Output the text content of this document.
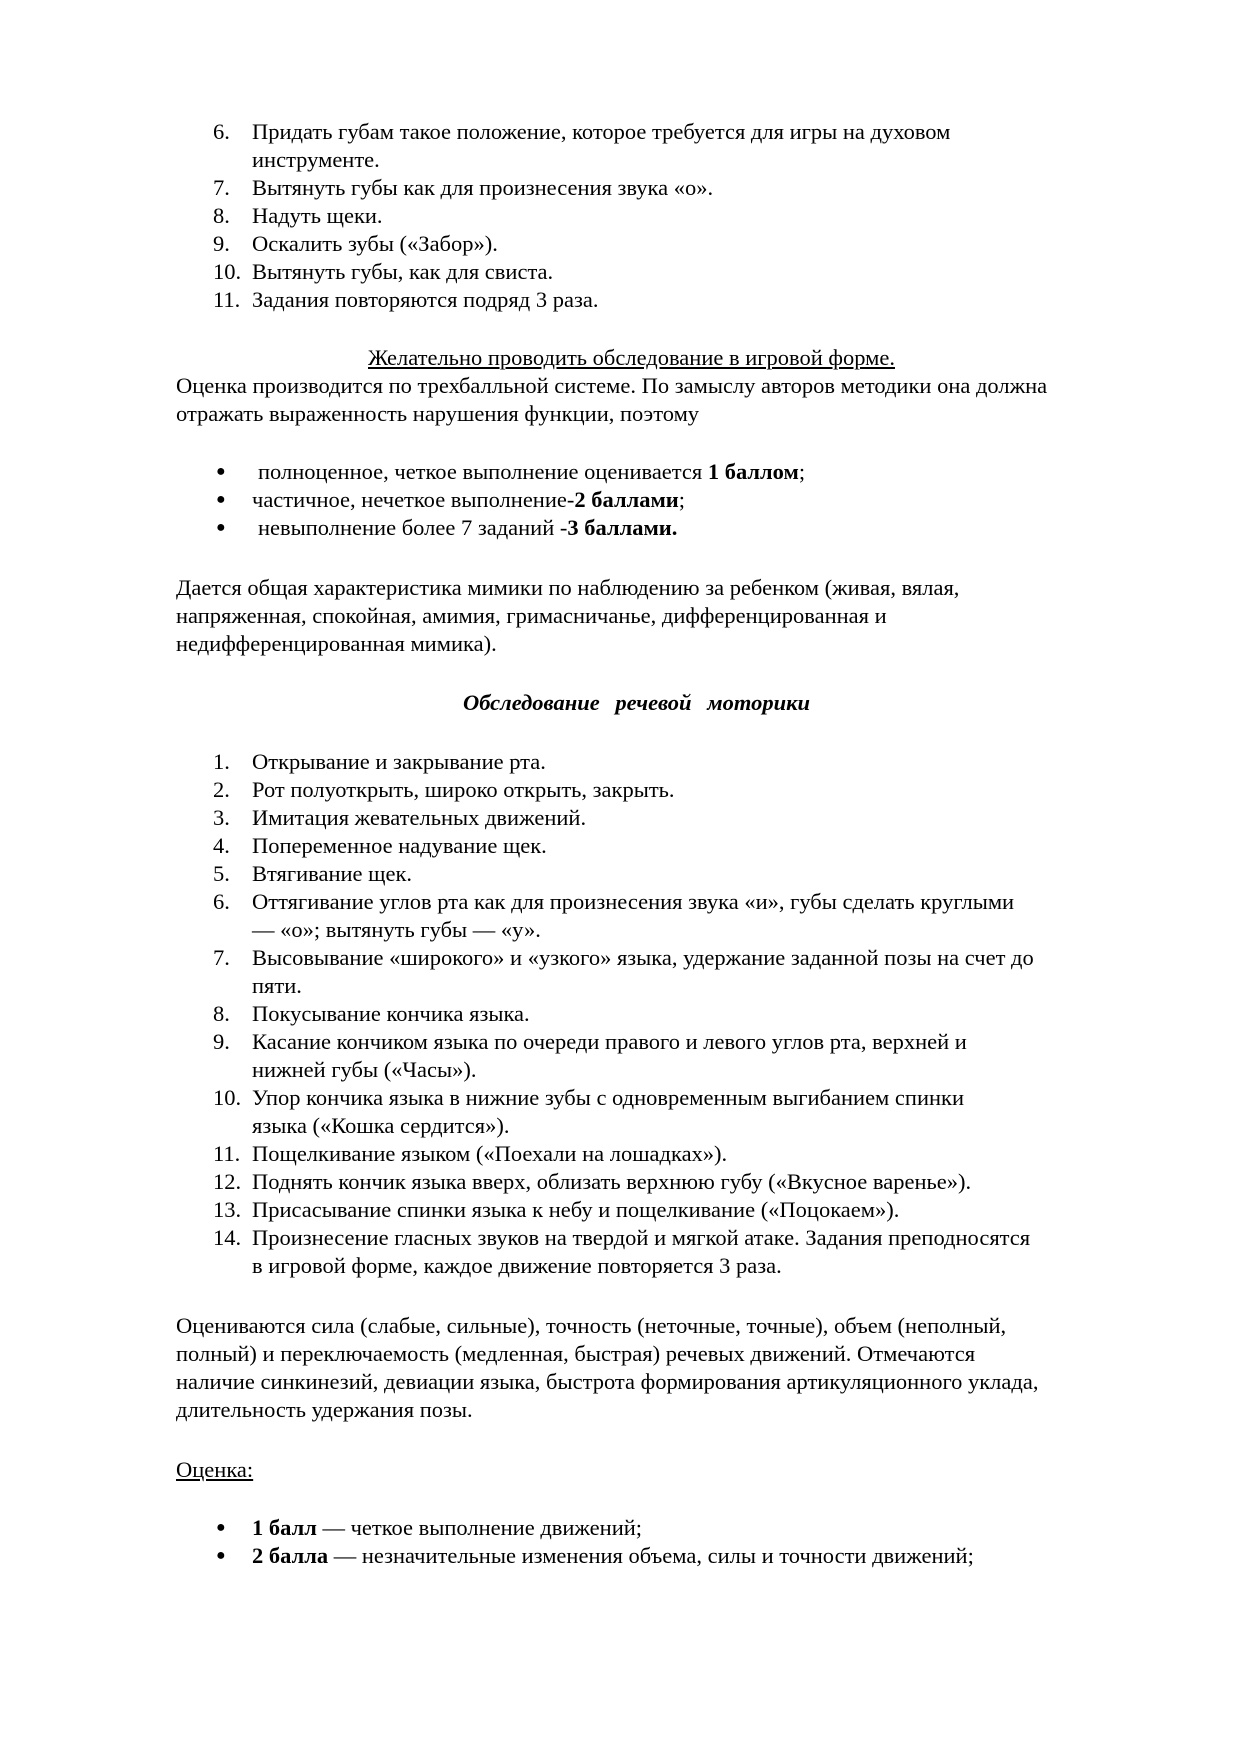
6. Придать губам такое положение, которое требуется для игры на духовом
инструменте.
7. Вытянуть губы как для произнесения звука «о».
8. Надуть щеки.
9. Оскалить зубы («Забор»).
10. Вытянуть губы, как для свиста.
11. Задания повторяются подряд 3 раза.
Желательно проводить обследование в игровой форме.
Оценка производится по трехбалльной системе. По замыслу авторов методики она должна
отражать выраженность нарушения функции, поэтому
● полноценное, четкое выполнение оценивается 1 баллом;
● частичное, нечеткое выполнение-2 баллами;
● невыполнение более 7 заданий -3 баллами.
Дается общая характеристика мимики по наблюдению за ребенком (живая, вялая,
напряженная, спокойная, амимия, гримасничанье, дифференцированная и
недифференцированная мимика).
Обследование речевой моторики
1. Открывание и закрывание рта.
2. Рот полуоткрыть, широко открыть, закрыть.
3. Имитация жевательных движений.
4. Попеременное надувание щек.
5. Втягивание щек.
6. Оттягивание углов рта как для произнесения звука «и», губы сделать круглыми
— «о»; вытянуть губы — «у».
7. Высовывание «широкого» и «узкого» языка, удержание заданной позы на счет до
пяти.
8. Покусывание кончика языка.
9. Касание кончиком языка по очереди правого и левого углов рта, верхней и
нижней губы («Часы»).
10. Упор кончика языка в нижние зубы с одновременным выгибанием спинки
языка («Кошка сердится»).
11. Пощелкивание языком («Поехали на лошадках»).
12. Поднять кончик языка вверх, облизать верхнюю губу («Вкусное варенье»).
13. Присасывание спинки языка к небу и пощелкивание («Поцокаем»).
14. Произнесение гласных звуков на твердой и мягкой атаке. Задания преподносятся
в игровой форме, каждое движение повторяется 3 раза.
Оцениваются сила (слабые, сильные), точность (неточные, точные), объем (неполный,
полный) и переключаемость (медленная, быстрая) речевых движений. Отмечаются
наличие синкинезий, девиации языка, быстрота формирования артикуляционного уклада,
длительность удержания позы.
Оценка:
● 1 балл — четкое выполнение движений;
● 2 балла — незначительные изменения объема, силы и точности движений;
